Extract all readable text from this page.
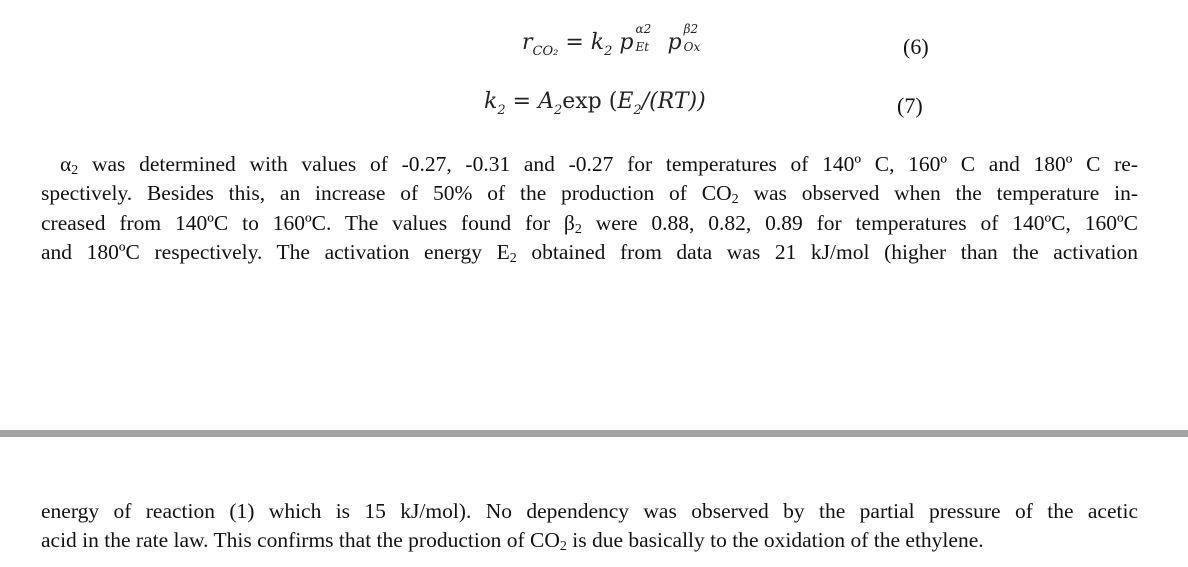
$r_{CO_2} = k_2$ p
α2
Et p
β2
Ox	(6)
$k_2 = A_2\exp$ $(E_2/(RT))$	(7)
$\alpha_2$ was determined with values of -0.27, -0.31 and -0.27 for temperatures of 140º C, 160º C and 180º C re-
spectively. Besides this, an increase of 50% of the production of $CO_2$ was observed when the temperature in-
creased from 140ºC to 160ºC. The values found for $\beta_2$ were 0.88, 0.82, 0.89 for temperatures of 140ºC, 160ºC
and 180ºC respectively. The activation energy $E_2$ obtained from data was 21 kJ/mol (higher than the activation
energy of reaction (1) which is 15 kJ/mol). No dependency was observed by the partial pressure of the acetic
acid in the rate law. This confirms that the production of $CO_2$ is due basically to the oxidation of the ethylene.
